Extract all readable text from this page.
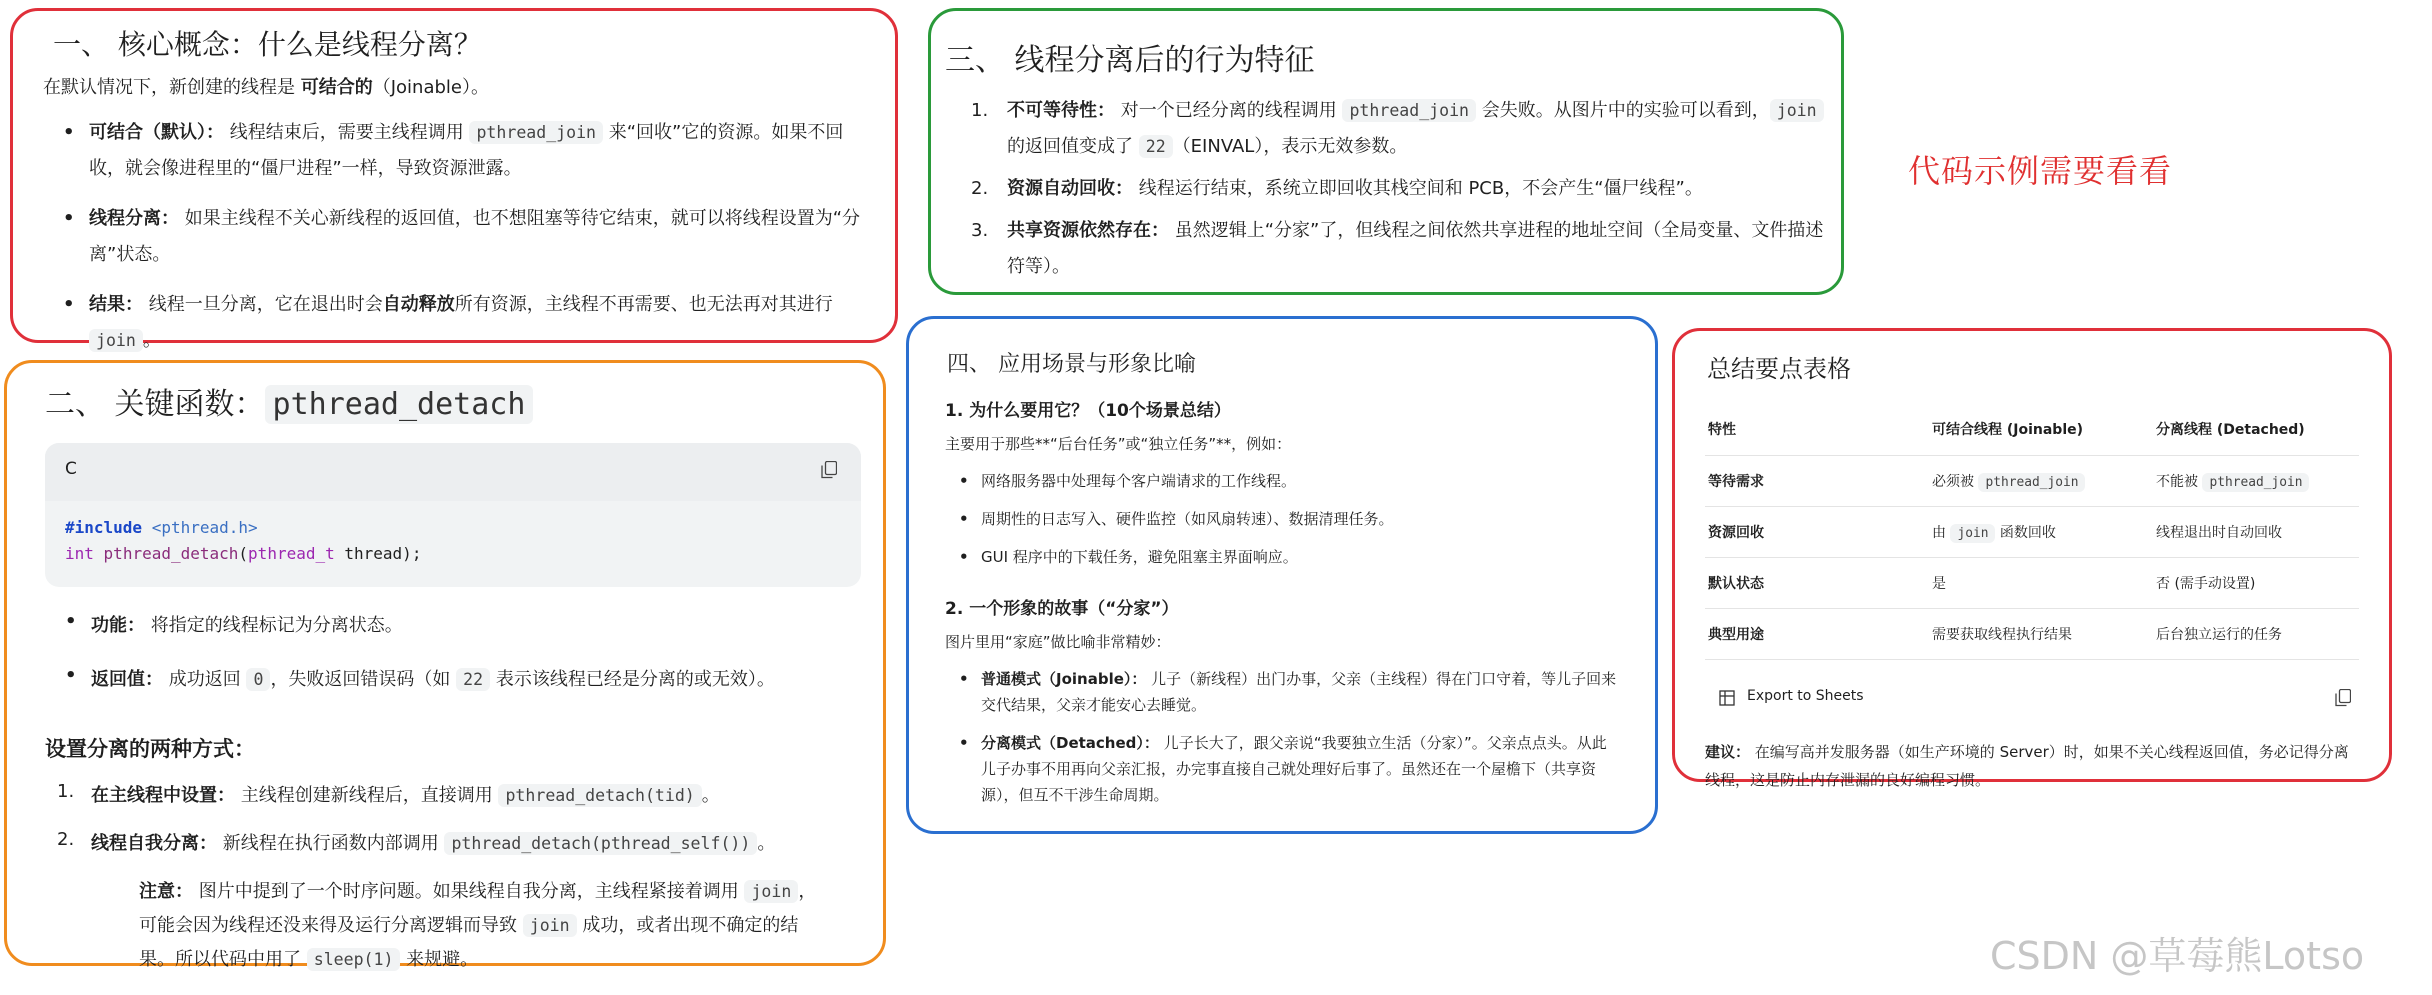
一、 核心概念：什么是线程分离？

在默认情况下，新创建的线程是 可结合的（Joinable）。

• 可结合（默认）： 线程结束后，需要主线程调用 pthread_join 来“回收”它的资源。如果不回收，就会像进程里的“僵尸进程”一样，导致资源泄露。
• 线程分离： 如果主线程不关心新线程的返回值，也不想阻塞等待它结束，就可以将线程设置为“分离”状态。
• 结果： 线程一旦分离，它在退出时会自动释放所有资源，主线程不再需要、也无法再对其进行 join 。
二、 关键函数： pthread_detach
C
#include <pthread.h>
int pthread_detach(pthread_t thread);
• 功能： 将指定的线程标记为分离状态。
• 返回值： 成功返回 0 ，失败返回错误码（如 22 表示该线程已经是分离的或无效）。
设置分离的两种方式：
1. 在主线程中设置： 主线程创建新线程后，直接调用 pthread_detach(tid) 。
2. 线程自我分离： 新线程在执行函数内部调用 pthread_detach(pthread_self()) 。

注意： 图片中提到了一个时序问题。如果线程自我分离，主线程紧接着调用 join ，可能会因为线程还没来得及运行分离逻辑而导致 join 成功，或者出现不确定的结果。所以代码中用了 sleep(1) 来规避。

三、 线程分离后的行为特征
1. 不可等待性： 对一个已经分离的线程调用 pthread_join 会失败。从图片中的实验可以看到， join 的返回值变成了 22 （EINVAL），表示无效参数。
2. 资源自动回收： 线程运行结束，系统立即回收其栈空间和 PCB，不会产生“僵尸线程”。
3. 共享资源依然存在： 虽然逻辑上“分家”了，但线程之间依然共享进程的地址空间（全局变量、文件描述符等）。
代码示例需要看看
四、 应用场景与形象比喻
1. 为什么要用它？（10个场景总结）

主要用于那些**“后台任务”或“独立任务”**，例如：

• 网络服务器中处理每个客户端请求的工作线程。
• 周期性的日志写入、硬件监控（如风扇转速）、数据清理任务。
• GUI 程序中的下载任务，避免阻塞主界面响应。
2. 一个形象的故事（“分家”）

图片里用“家庭”做比喻非常精妙：

• 普通模式（Joinable）： 儿子（新线程）出门办事，父亲（主线程）得在门口守着，等儿子回来交代结果，父亲才能安心去睡觉。
• 分离模式（Detached）： 儿子长大了，跟父亲说“我要独立生活（分家）”。父亲点点头。从此儿子办事不用再向父亲汇报，办完事直接自己就处理好后事了。虽然还在一个屋檐下（共享资源），但互不干涉生命周期。
总结要点表格
特性	可结合线程 (Joinable)	分离线程 (Detached)
等待需求	必须被 pthread_join	不能被 pthread_join
资源回收	由 join 函数回收	线程退出时自动回收
默认状态	是	否 (需手动设置)
典型用途	需要获取线程执行结果	后台独立运行的任务
Export to Sheets

建议： 在编写高并发服务器（如生产环境的 Server）时，如果不关心线程返回值，务必记得分离线程，这是防止内存泄漏的良好编程习惯。

CSDN @草莓熊Lotso
